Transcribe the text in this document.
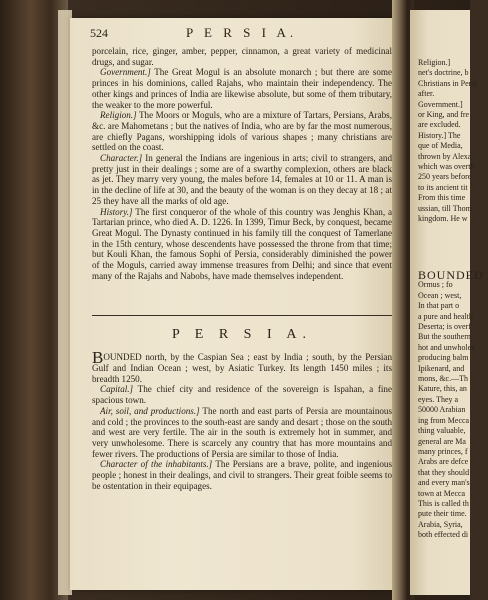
524	P E R S I A.

porcelain, rice, ginger, amber, pepper, cinnamon, a great variety of medicinal drugs, and sugar.

Government.] The Great Mogul is an absolute monarch ; but there are some princes in his dominions, called Rajahs, who maintain their independency. The other kings and princes of India are likewise absolute, but some of them tributary, the weaker to the more powerful.

Religion.] The Moors or Moguls, who are a mixture of Tartars, Persians, Arabs, &c. are Mahometans ; but the natives of India, who are by far the most numerous, are chiefly Pagans, worshipping idols of various shapes ; many christians are settled on the coast.

Character.] In general the Indians are ingenious in arts; civil to strangers, and pretty just in their dealings ; some are of a swarthy complexion, others are black as jet. They marry very young, the males before 14, females at 10 or 11. A man is in the decline of life at 30, and the beauty of the woman is on they decay at 18 ; at 25 they have all the marks of old age.

History.] The first conqueror of the whole of this country was Jenghis Khan, a Tartarian prince, who died A. D. 1226. In 1399, Timur Beck, by conquest, became Great Mogul. The Dynasty continued in his family till the conquest of Tamerlane in the 15th century, whose descendents have possessed the throne from that time; but Kouli Khan, the famous Sophi of Persia, considerably diminished the power of the Moguls, carried away immense treasures from Delhi; and since that event many of the Rajahs and Nabobs, have made themselves independent.

P E R S I A.

BOUNDED north, by the Caspian Sea ; east by India ; south, by the Persian Gulf and Indian Ocean ; west, by Asiatic Turkey. Its length 1450 miles ; its breadth 1250.

Capital.] The chief city and residence of the sovereign is Ispahan, a fine spacious town.

Air, soil, and productions.] The north and east parts of Persia are mountainous and cold ; the provinces to the south-east are sandy and desart ; those on the south and west are very fertile. The air in the south is extremely hot in summer, and very unwholesome. There is scarcely any country that has more mountains and fewer rivers. The productions of Persia are similar to those of India.

Character of the inhabitants.] The Persians are a brave, polite, and ingenious people ; honest in their dealings, and civil to strangers. Their great foible seems to be ostentation in their equipages.

Religion.]
net's doctrine, b
Christians in Persi
after.
Government.]
or King, and fre
are excluded.
History.] The
que of Media,
thrown by Alexa
which was overth
250 years before
to its ancient tit
From this time
ussian, till Thom
kingdom. He w
BOUNDED
Ormus ; fo
Ocean ; west,
In that part o
a pure and health
Deserta; is overf
But the southern
hot and unwholes
producing balm
Ipikenard, and
mons, &c.—Th
Kature, this, an
eyes. They a
50000 Arabian
ing from Mecca
thing valuable,
general are Ma
many princes, f
Arabs are defce
that they should
and every man's
town at Mecca
This is called th
pute their time.
Arabia, Syria,
both effected di
